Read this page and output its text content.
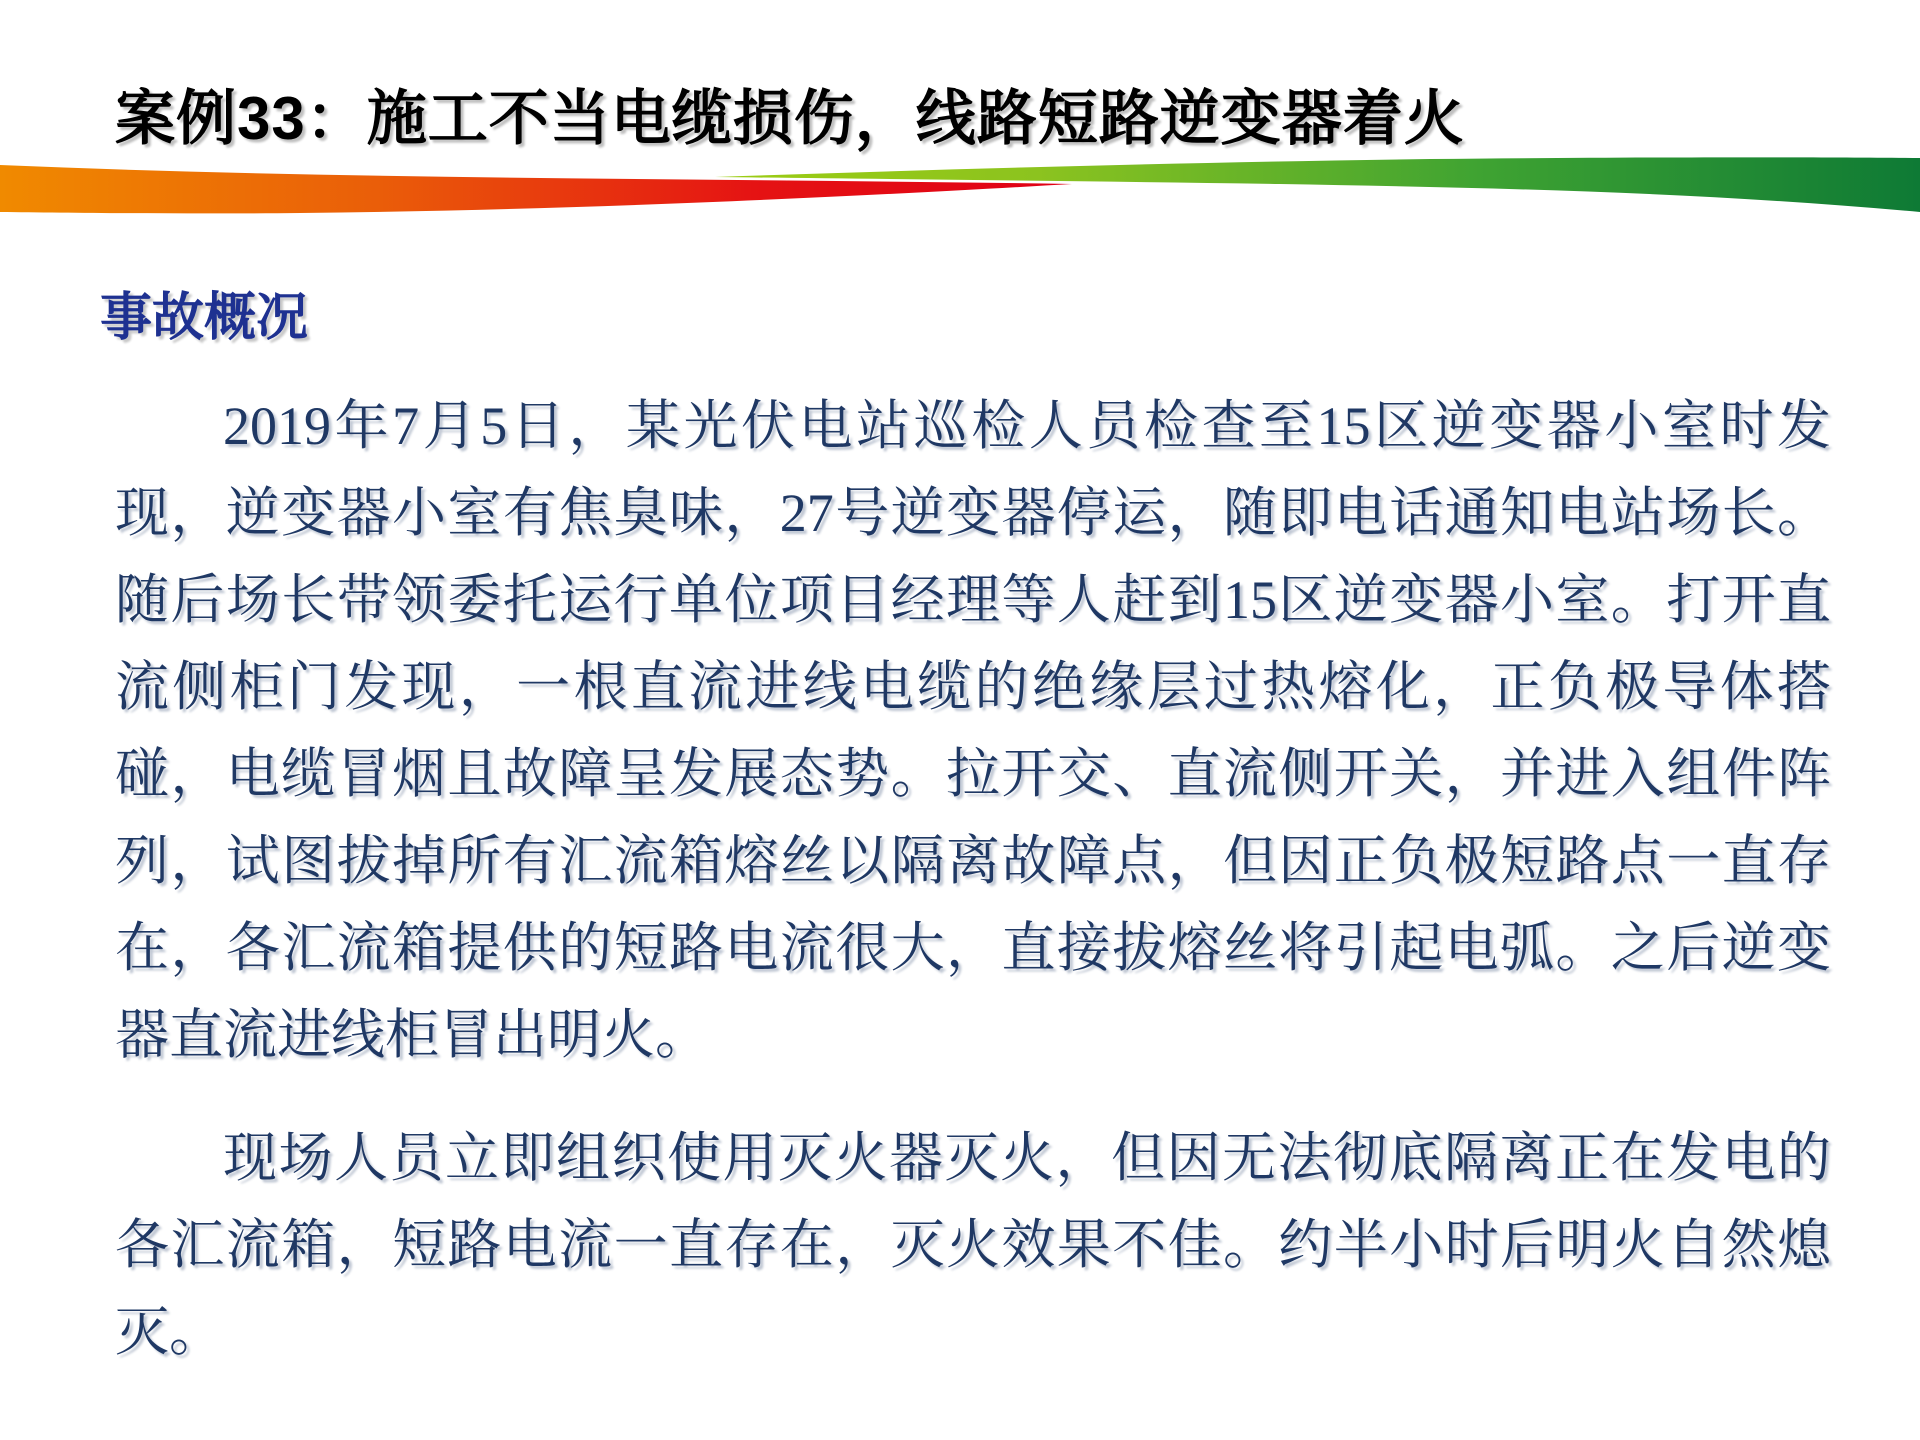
案例33：施工不当电缆损伤，线路短路逆变器着火
事故概况

2019年7月5日，某光伏电站巡检人员检查至15区逆变器小室时发现，逆变器小室有焦臭味，27号逆变器停运，随即电话通知电站场长。随后场长带领委托运行单位项目经理等人赶到15区逆变器小室。打开直流侧柜门发现，一根直流进线电缆的绝缘层过热熔化，正负极导体搭碰，电缆冒烟且故障呈发展态势。拉开交、直流侧开关，并进入组件阵列，试图拔掉所有汇流箱熔丝以隔离故障点，但因正负极短路点一直存在，各汇流箱提供的短路电流很大，直接拔熔丝将引起电弧。之后逆变器直流进线柜冒出明火。

现场人员立即组织使用灭火器灭火，但因无法彻底隔离正在发电的各汇流箱，短路电流一直存在，灭火效果不佳。约半小时后明火自然熄灭。
